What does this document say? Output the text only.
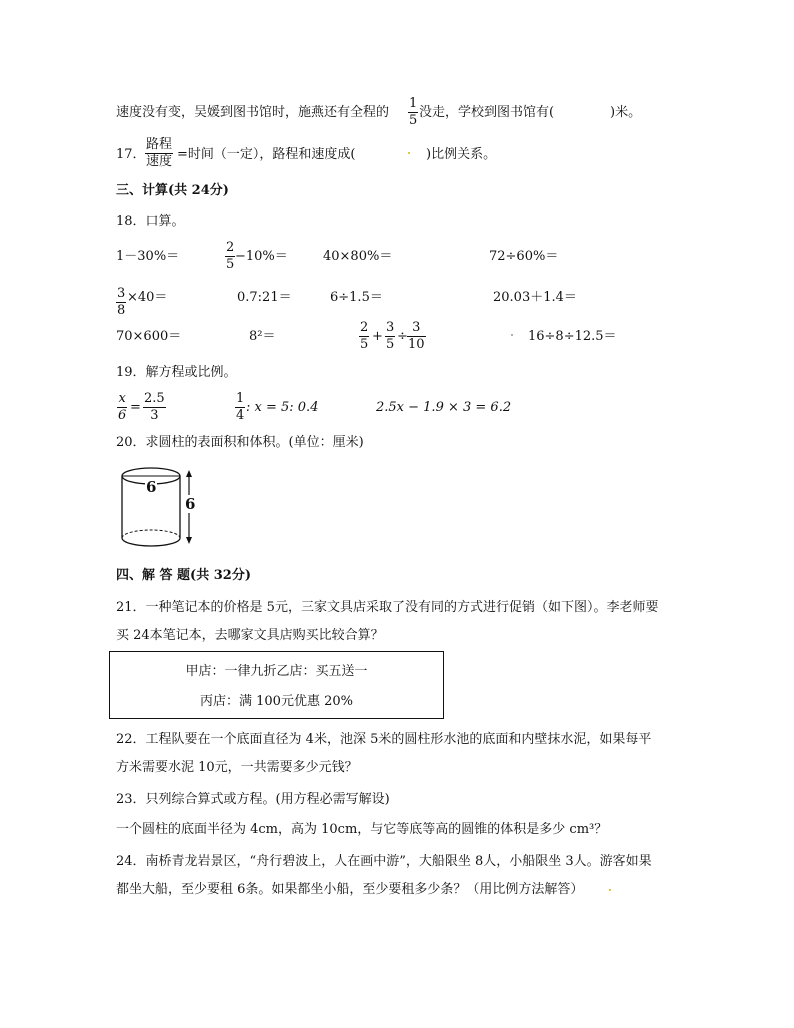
速度没有变，吴媛到图书馆时，施燕还有全程的 $\frac{1}{5}$ 没走，学校到图书馆有(	)米。
17．
路程
速度 =时间（一定），路程和速度成(	)比例关系。
三、计算(共 24分)
18．口算。
1－30%＝	$\frac{2}{5} -10\%=$	40×80%＝	72÷60%＝
$\frac{3}{8} \times 40=$	0.7:21＝	6÷1.5＝	20.03＋1.4＝
70×600＝	8²＝	$\frac{2}{5} + \frac{3}{5} \div \frac{3}{10}$	16÷8÷12.5＝
19．解方程或比例。
$\frac{x}{6} = \frac{2.5}{3}$	$\frac{1}{4}$ : x = 5: 0.4	2.5x − 1.9 × 3 = 6.2
20．求圆柱的表面积和体积。(单位：厘米)
6
6
四、解 答 题(共 32分)
21．一种笔记本的价格是 5元，三家文具店采取了没有同的方式进行促销（如下图）。李老师要
买 24本笔记本，去哪家文具店购买比较合算？
甲店：一律九折乙店：买五送一
丙店：满 100元优惠 20%
22．工程队要在一个底面直径为 4米，池深 5米的圆柱形水池的底面和内壁抹水泥，如果每平
方米需要水泥 10元，一共需要多少元钱？
23．只列综合算式或方程。(用方程必需写解设)
一个圆柱的底面半径为 4cm，高为 10cm，与它等底等高的圆锥的体积是多少 cm³？
24．南桥青龙岩景区，“舟行碧波上，人在画中游”，大船限坐 8人，小船限坐 3人。游客如果
都坐大船，至少要租 6条。如果都坐小船，至少要租多少条？（用比例方法解答）
